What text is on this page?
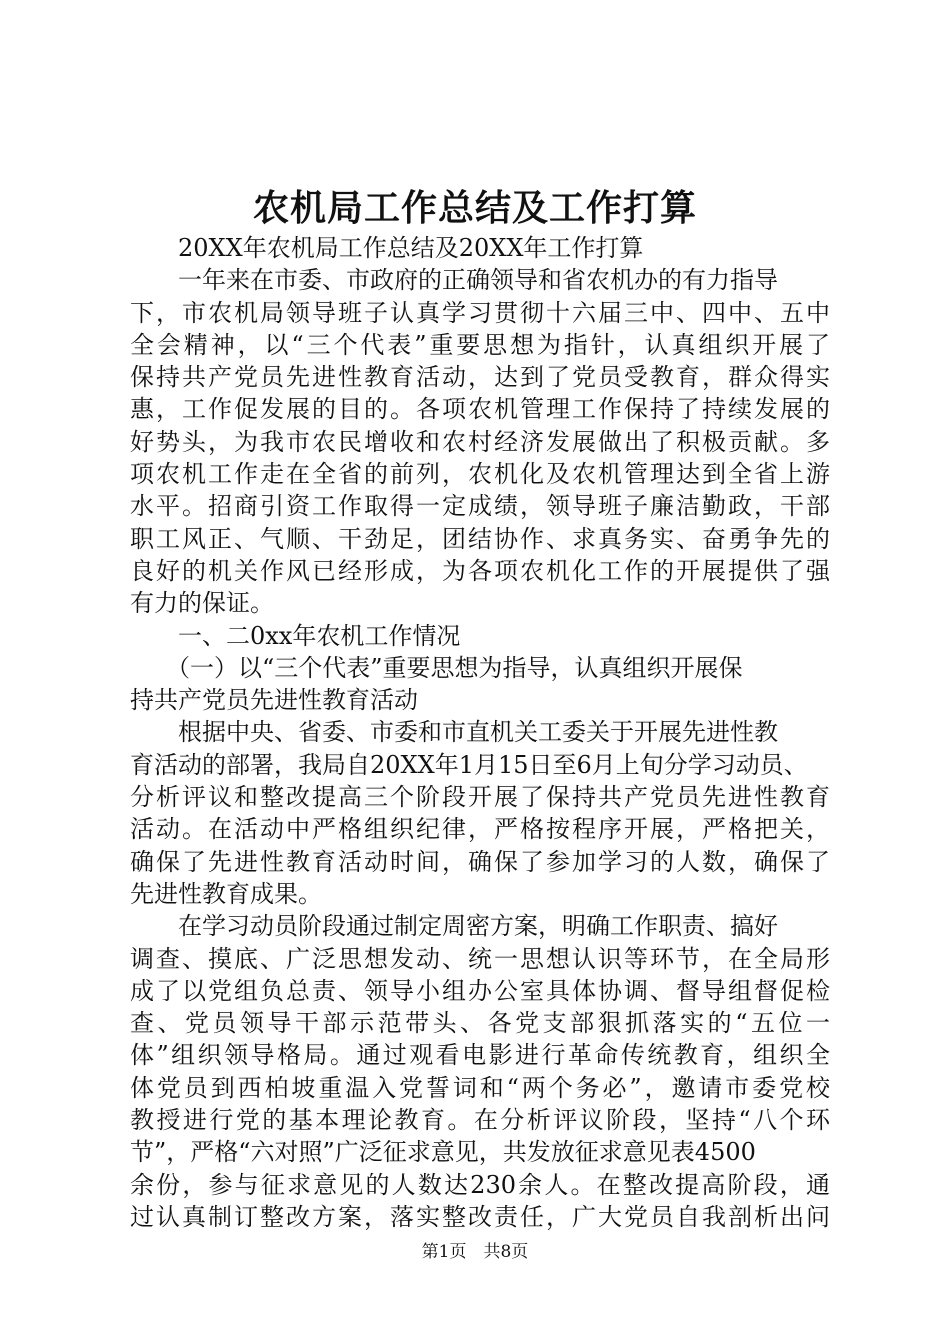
农机局工作总结及工作打算
　　20XX年农机局工作总结及20XX年工作打算
　　一年来在市委、市政府的正确领导和省农机办的有力指导
下，市农机局领导班子认真学习贯彻十六届三中、四中、五中
全会精神，以“三个代表”重要思想为指针，认真组织开展了
保持共产党员先进性教育活动，达到了党员受教育，群众得实
惠，工作促发展的目的。各项农机管理工作保持了持续发展的
好势头，为我市农民增收和农村经济发展做出了积极贡献。多
项农机工作走在全省的前列，农机化及农机管理达到全省上游
水平。招商引资工作取得一定成绩，领导班子廉洁勤政，干部
职工风正、气顺、干劲足，团结协作、求真务实、奋勇争先的
良好的机关作风已经形成，为各项农机化工作的开展提供了强
有力的保证。
　　一、二0xx年农机工作情况
　　（一）以“三个代表”重要思想为指导，认真组织开展保
持共产党员先进性教育活动
　　根据中央、省委、市委和市直机关工委关于开展先进性教
育活动的部署，我局自20XX年1月15日至6月上旬分学习动员、
分析评议和整改提高三个阶段开展了保持共产党员先进性教育
活动。在活动中严格组织纪律，严格按程序开展，严格把关，
确保了先进性教育活动时间，确保了参加学习的人数，确保了
先进性教育成果。
　　在学习动员阶段通过制定周密方案，明确工作职责、搞好
调查、摸底、广泛思想发动、统一思想认识等环节，在全局形
成了以党组负总责、领导小组办公室具体协调、督导组督促检
查、党员领导干部示范带头、各党支部狠抓落实的“五位一
体”组织领导格局。通过观看电影进行革命传统教育，组织全
体党员到西柏坡重温入党誓词和“两个务必”，邀请市委党校
教授进行党的基本理论教育。在分析评议阶段，坚持“八个环
节”，严格“六对照”广泛征求意见，共发放征求意见表4500
余份，参与征求意见的人数达230余人。在整改提高阶段，通
过认真制订整改方案，落实整改责任，广大党员自我剖析出问
第1页　共8页
